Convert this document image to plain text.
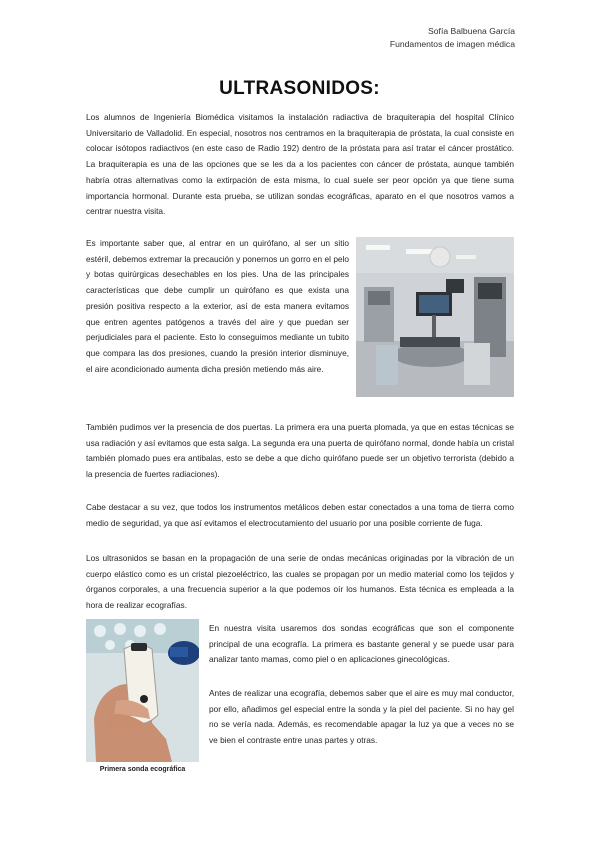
Sofía Balbuena García
Fundamentos de imagen médica
ULTRASONIDOS:
Los alumnos de Ingeniería Biomédica visitamos la instalación radiactiva de braquiterapia del hospital Clínico Universitario de Valladolid. En especial, nosotros nos centramos en la braquiterapia de próstata, la cual consiste en colocar isótopos radiactivos (en este caso de Radio 192) dentro de la próstata para así tratar el cáncer prostático. La braquiterapia es una de las opciones que se les da a los pacientes con cáncer de próstata, aunque también habría otras alternativas como la extirpación de esta misma, lo cual suele ser peor opción ya que tiene suma importancia hormonal. Durante esta prueba, se utilizan sondas ecográficas, aparato en el que nosotros vamos a centrar nuestra visita.
Es importante saber que, al entrar en un quirófano, al ser un sitio estéril, debemos extremar la precaución y ponernos un gorro en el pelo y botas quirúrgicas desechables en los pies. Una de las principales características que debe cumplir un quirófano es que exista una presión positiva respecto a la exterior, así de esta manera evitamos que entren agentes patógenos a través del aire y que puedan ser perjudiciales para el paciente. Esto lo conseguimos mediante un tubito que compara las dos presiones, cuando la presión interior disminuye, el aire acondicionado aumenta dicha presión metiendo más aire.
También pudimos ver la presencia de dos puertas. La primera era una puerta plomada, ya que en estas técnicas se usa radiación y así evitamos que esta salga. La segunda era una puerta de quirófano normal, donde había un cristal también plomado pues era antibalas, esto se debe a que dicho quirófano puede ser un objetivo terrorista (debido a la presencia de fuertes radiaciones).
Cabe destacar a su vez, que todos los instrumentos metálicos deben estar conectados a una toma de tierra como medio de seguridad, ya que así evitamos el electrocutamiento del usuario por una posible corriente de fuga.
Los ultrasonidos se basan en la propagación de una serie de ondas mecánicas originadas por la vibración de un cuerpo elástico como es un cristal piezoeléctrico, las cuales se propagan por un medio material como los tejidos y órganos corporales, a una frecuencia superior a la que podemos oír los humanos. Esta técnica es empleada a la hora de realizar ecografías.
Primera sonda ecográfica
En nuestra visita usaremos dos sondas ecográficas que son el componente principal de una ecografía. La primera es bastante general y se puede usar para analizar tanto mamas, como piel o en aplicaciones ginecológicas.
Antes de realizar una ecografía, debemos saber que el aire es muy mal conductor, por ello, añadimos gel especial entre la sonda y la piel del paciente. Si no hay gel no se vería nada. Además, es recomendable apagar la luz ya que a veces no se ve bien el contraste entre unas partes y otras.
